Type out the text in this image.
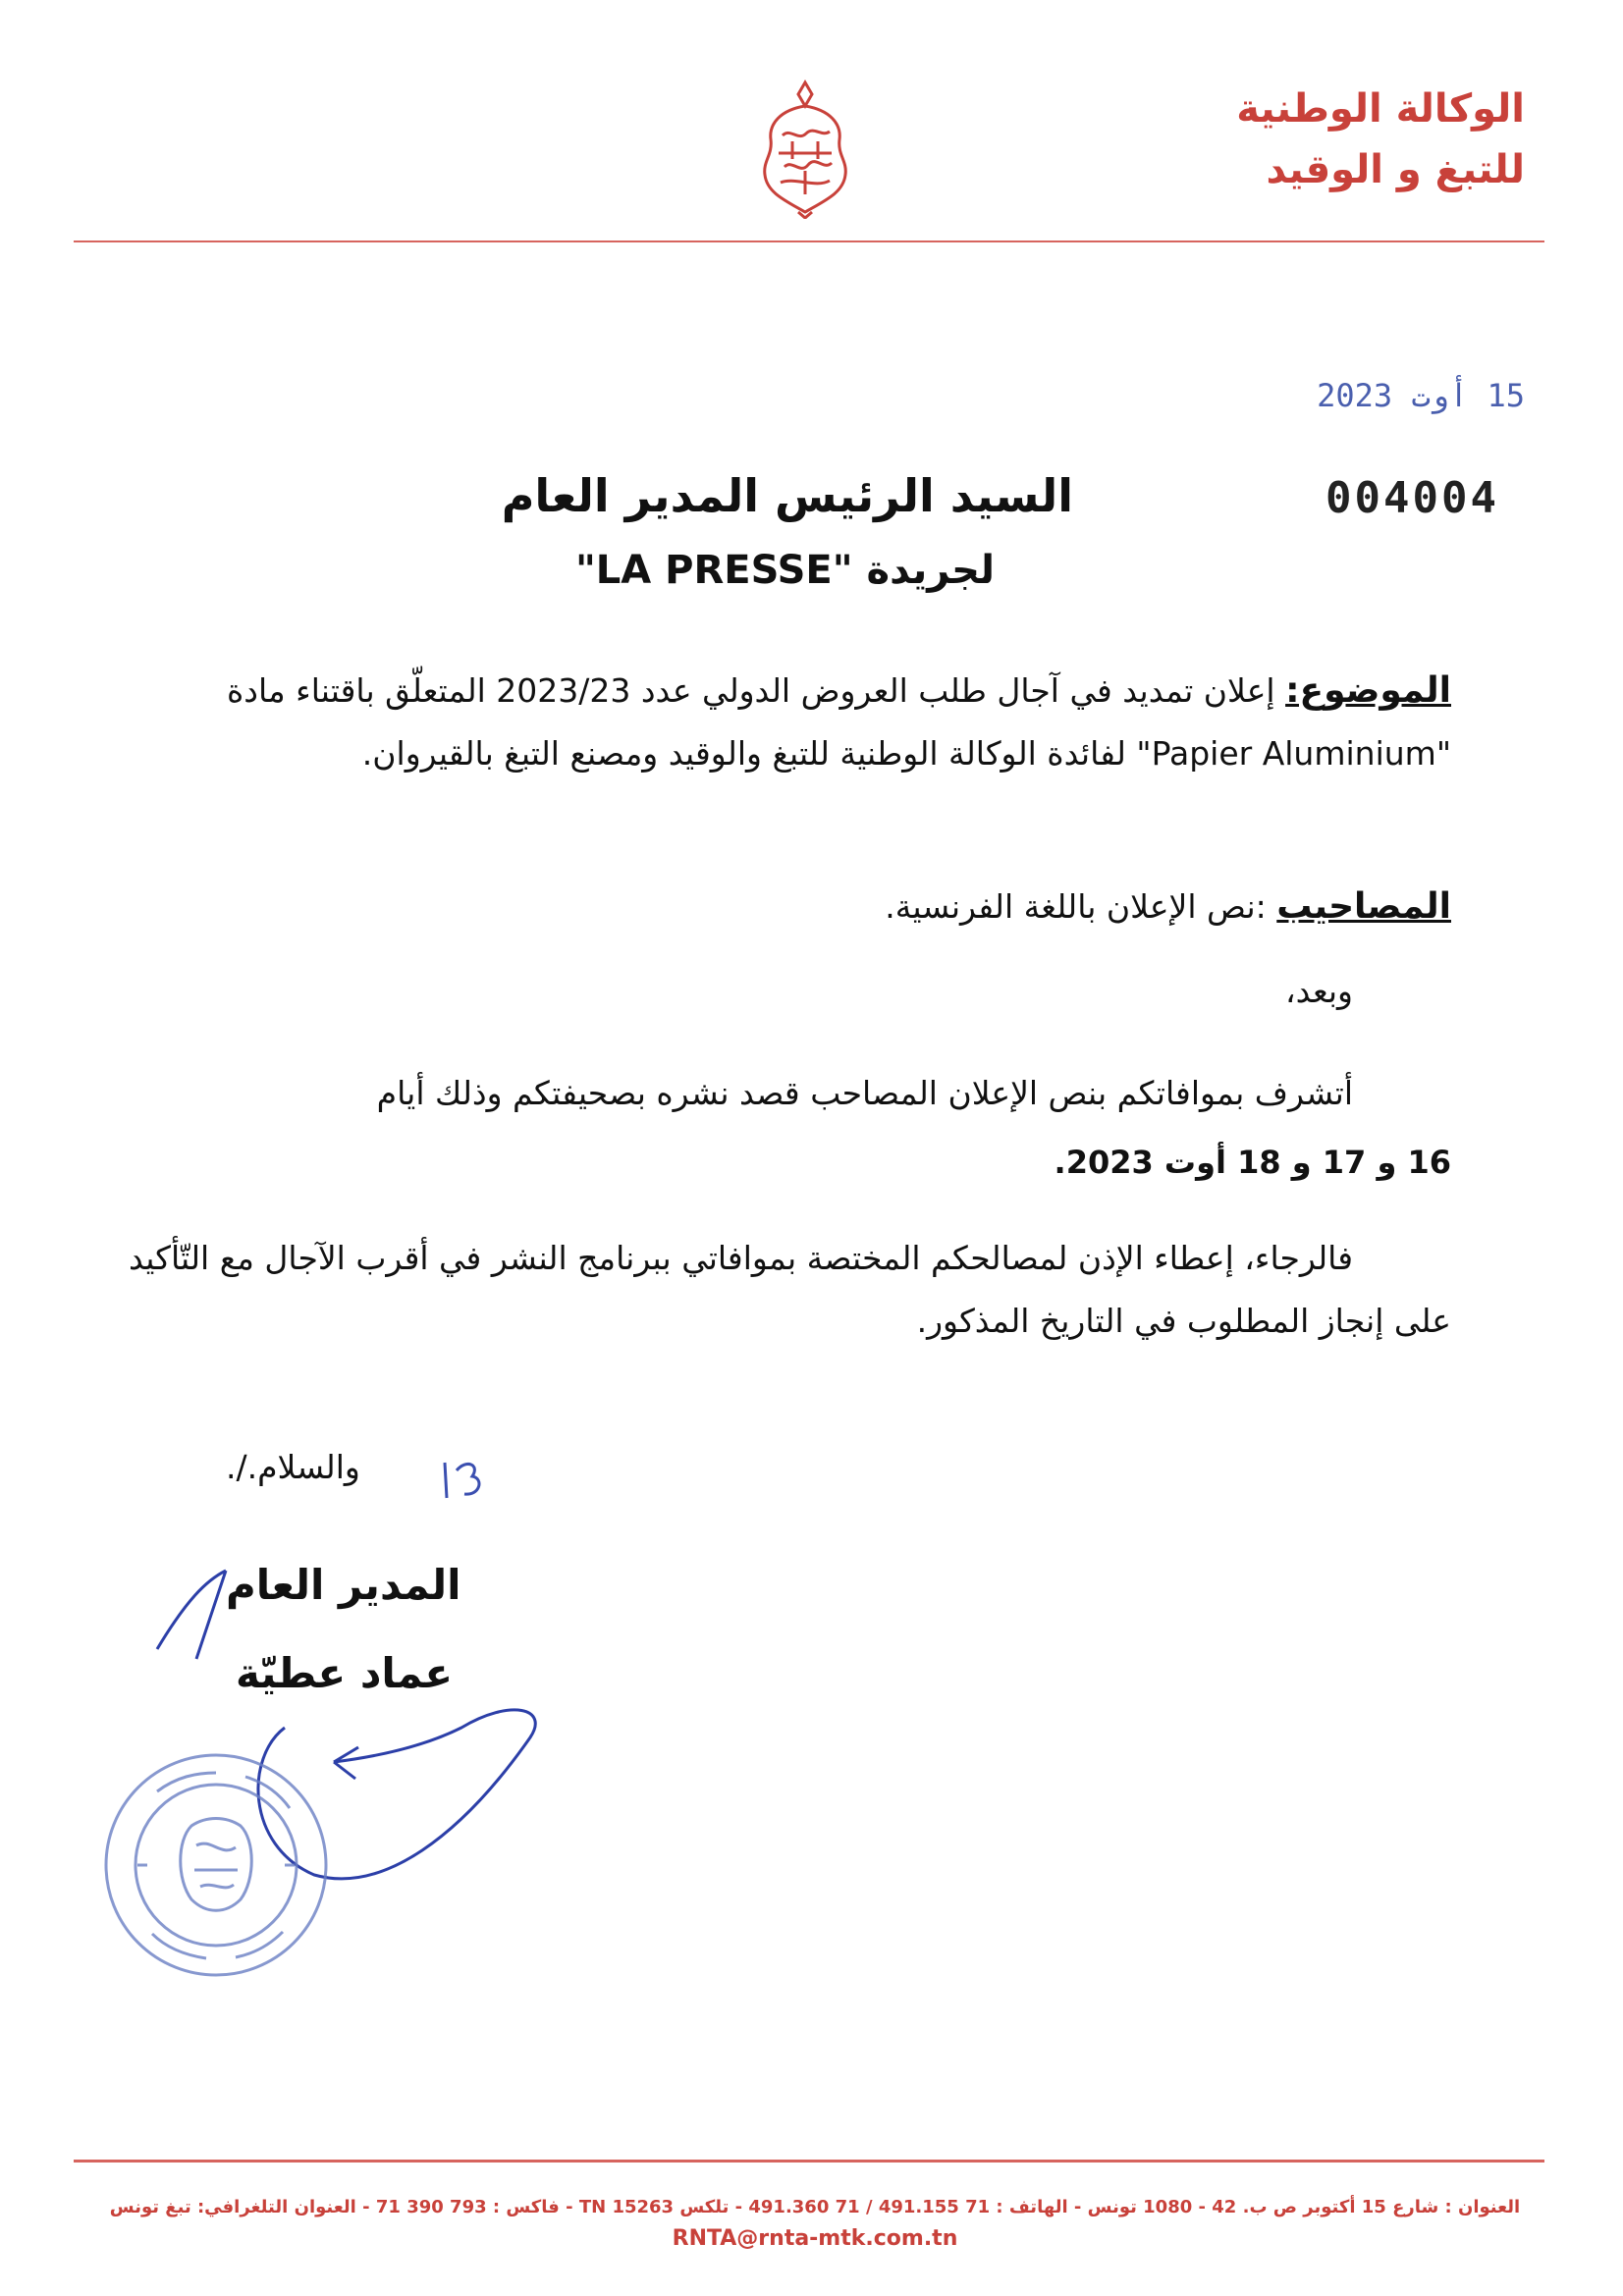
الوكالة الوطنية
للتبغ و الوقيد
15 أوت 2023
004004
السيد الرئيس المدير العام
لجريدة "LA PRESSE"
الموضوع: إعلان تمديد في آجال طلب العروض الدولي عدد 2023/23 المتعلّق باقتناء مادة "Papier Aluminium" لفائدة الوكالة الوطنية للتبغ والوقيد ومصنع التبغ بالقيروان.
المصاحيب :نص الإعلان باللغة الفرنسية.
وبعد،
أتشرف بموافاتكم بنص الإعلان المصاحب قصد نشره بصحيفتكم وذلك أيام
16 و 17 و 18 أوت 2023.
فالرجاء، إعطاء الإذن لمصالحكم المختصة بموافاتي ببرنامج النشر في أقرب الآجال مع التّأكيد على إنجاز المطلوب في التاريخ المذكور.
والسلام./.
المدير العام
عماد عطيّة
العنوان : شارع 15 أكتوبر ص ب. 42 - 1080 تونس - الهاتف : 71 491.155 / 71 491.360 - تلكس 15263 TN - فاكس : 793 390 71 - العنوان التلغرافي: تبغ تونس
RNTA@rnta-mtk.com.tn
